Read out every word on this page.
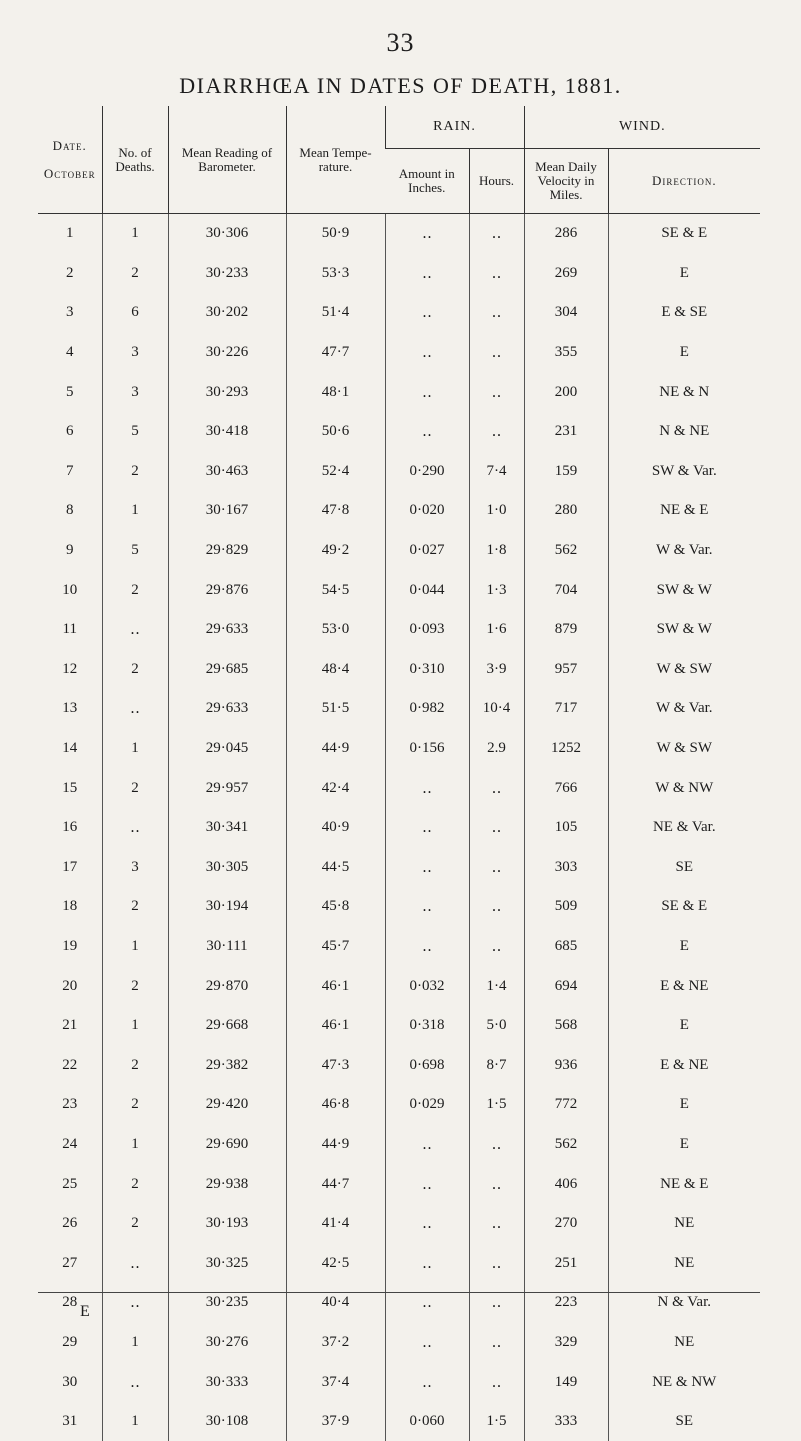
33
DIARRHŒA IN DATES OF DEATH, 1881.
Date.
October	No. of Deaths.	Mean Reading of Barometer.	Mean Tempe-rature.	RAIN.		WIND.	
				Amount in Inches.	Hours.	Mean Daily Velocity in Miles.	Direction.
1	1	30·306	50·9	‥	‥	286	SE & E
2	2	30·233	53·3	‥	‥	269	E
3	6	30·202	51·4	‥	‥	304	E & SE
4	3	30·226	47·7	‥	‥	355	E
5	3	30·293	48·1	‥	‥	200	NE & N
6	5	30·418	50·6	‥	‥	231	N & NE
7	2	30·463	52·4	0·290	7·4	159	SW & Var.
8	1	30·167	47·8	0·020	1·0	280	NE & E
9	5	29·829	49·2	0·027	1·8	562	W & Var.
10	2	29·876	54·5	0·044	1·3	704	SW & W
11	‥	29·633	53·0	0·093	1·6	879	SW & W
12	2	29·685	48·4	0·310	3·9	957	W & SW
13	‥	29·633	51·5	0·982	10·4	717	W & Var.
14	1	29·045	44·9	0·156	2.9	1252	W & SW
15	2	29·957	42·4	‥	‥	766	W & NW
16	‥	30·341	40·9	‥	‥	105	NE & Var.
17	3	30·305	44·5	‥	‥	303	SE
18	2	30·194	45·8	‥	‥	509	SE & E
19	1	30·111	45·7	‥	‥	685	E
20	2	29·870	46·1	0·032	1·4	694	E & NE
21	1	29·668	46·1	0·318	5·0	568	E
22	2	29·382	47·3	0·698	8·7	936	E & NE
23	2	29·420	46·8	0·029	1·5	772	E
24	1	29·690	44·9	‥	‥	562	E
25	2	29·938	44·7	‥	‥	406	NE & E
26	2	30·193	41·4	‥	‥	270	NE
27	‥	30·325	42·5	‥	‥	251	NE
28	‥	30·235	40·4	‥	‥	223	N & Var.
29	1	30·276	37·2	‥	‥	329	NE
30	‥	30·333	37·4	‥	‥	149	NE & NW
31	1	30·108	37·9	0·060	1·5	333	SE
E
